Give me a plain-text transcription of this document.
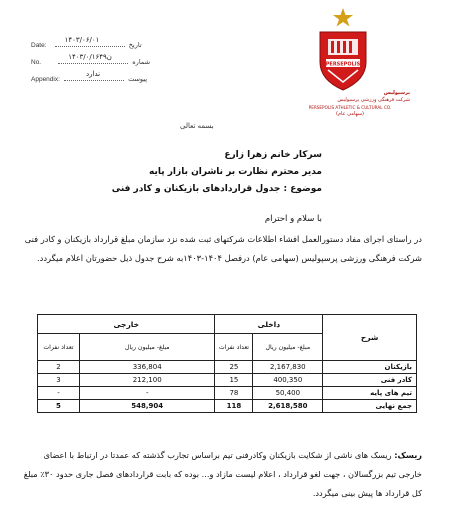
Date:
۱۴۰۳/۰۶/۰۱
تاریخ
No.
۱۴۰۳/۰/۱۶۴۹ن
شماره
Appendix:
ندارد
پیوست
PERSEPOLIS
پرسپولیس
شرکت فرهنگی ورزشی پرسپولیس
PERSEPOLIS ATHLETIC & CULTURAL CO.
(سهامی عام)
بسمه تعالی
سرکار خانم زهرا زارع
مدیر محترم نظارت بر ناشران بازار پایه
موضوع : جدول قراردادهای بازیکنان و کادر فنی
با سلام و احترام
در راستای اجرای مفاد دستورالعمل افشاء اطلاعات شرکتهای ثبت شده نزد سازمان مبلغ قرارداد بازیکنان و کادر فنی شرکت فرهنگی ورزشی پرسپولیس (سهامی عام) درفصل ۱۴۰۴-۱۴۰۳به شرح جدول ذیل حضورتان اعلام میگردد.
شرح	داخلی		خارجی	
	مبلغ- میلیون ریال	تعداد نفرات	مبلغ- میلیون ریال	تعداد نفرات
بازیکنان	2,167,830	25	336,804	2
کادر فنی	400,350	15	212,100	3
تیم های پایه	50,400	78	-	-
جمع نهایی	2,618,580	118	548,904	5
ریسک: ریسک های ناشی از شکایت بازیکنان وکادرفنی تیم براساس تجارب گذشته که عمدتا در ارتباط با اعضای خارجی تیم بزرگسالان ، جهت لغو قرارداد ، اعلام لیست مازاد و... بوده که بابت قراردادهای فصل جاری حدود ۳۰٪ مبلغ کل قرارداد ها پیش بینی میگردد.
